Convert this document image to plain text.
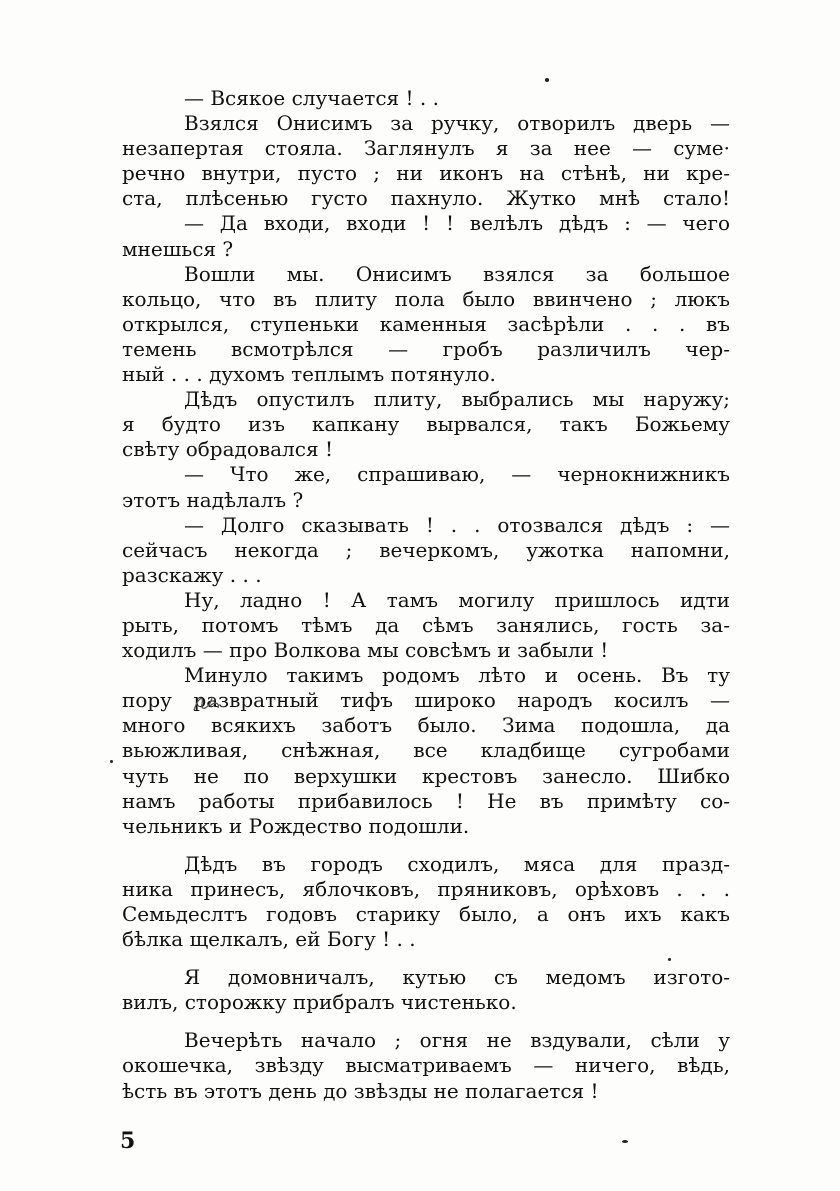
— Всякое случается ! . .
Взялся Онисимъ за ручку, отворилъ дверь —
незапертая стояла. Заглянулъ я за нее — суме·
речно внутри, пусто ; ни иконъ на стѣнѣ, ни кре-
ста, плѣсенью густо пахнуло. Жутко мнѣ стало!
— Да входи, входи ! ! велѣлъ дѣдъ : — чего
мнешься ?
Вошли мы. Онисимъ взялся за большое
кольцо, что въ плиту пола было ввинчено ; люкъ
открылся, ступеньки каменныя засѣрѣли . . . въ
темень всмотрѣлся — гробъ различилъ чер-
ный . . . духомъ теплымъ потянуло.
Дѣдъ опустилъ плиту, выбрались мы наружу;
я будто изъ капкану вырвался, такъ Божьему
свѣту обрадовался !
— Что же, спрашиваю, — чернокнижникъ
этотъ надѣлалъ ?
— Долго сказывать ! . . отозвался дѣдъ : —
сейчасъ некогда ; вечеркомъ, ужотка напомни,
разскажу . . .
Ну, ладно ! А тамъ могилу пришлось идти
рыть, потомъ тѣмъ да сѣмъ занялись, гость за-
ходилъ — про Волкова мы совсѣмъ и забыли !
Минуло такимъ родомъ лѣто и осень. Въ ту
пору развратный тифъ широко народъ косилъ —
много всякихъ заботъ было. Зима подошла, да
вьюжливая, снѣжная, все кладбище сугробами
чуть не по верхушки крестовъ занесло. Шибко
намъ работы прибавилось ! Не въ примѣту со-
чельникъ и Рождество подошли.
Дѣдъ въ городъ сходилъ, мяса для празд-
ника принесъ, яблочковъ, пряниковъ, орѣховъ . . .
Семьдеслтъ годовъ старику было, а онъ ихъ какъ
бѣлка щелкалъ, ей Богу ! . .
Я домовничалъ, кутью съ медомъ изгото-
вилъ, сторожку прибралъ чистенько.
Вечерѣть начало ; огня не вздували, сѣли у
окошечка, звѣзду высматриваемъ — ничего, вѣдь,
ѣсть въ этотъ день до звѣзды не полагается !
5
